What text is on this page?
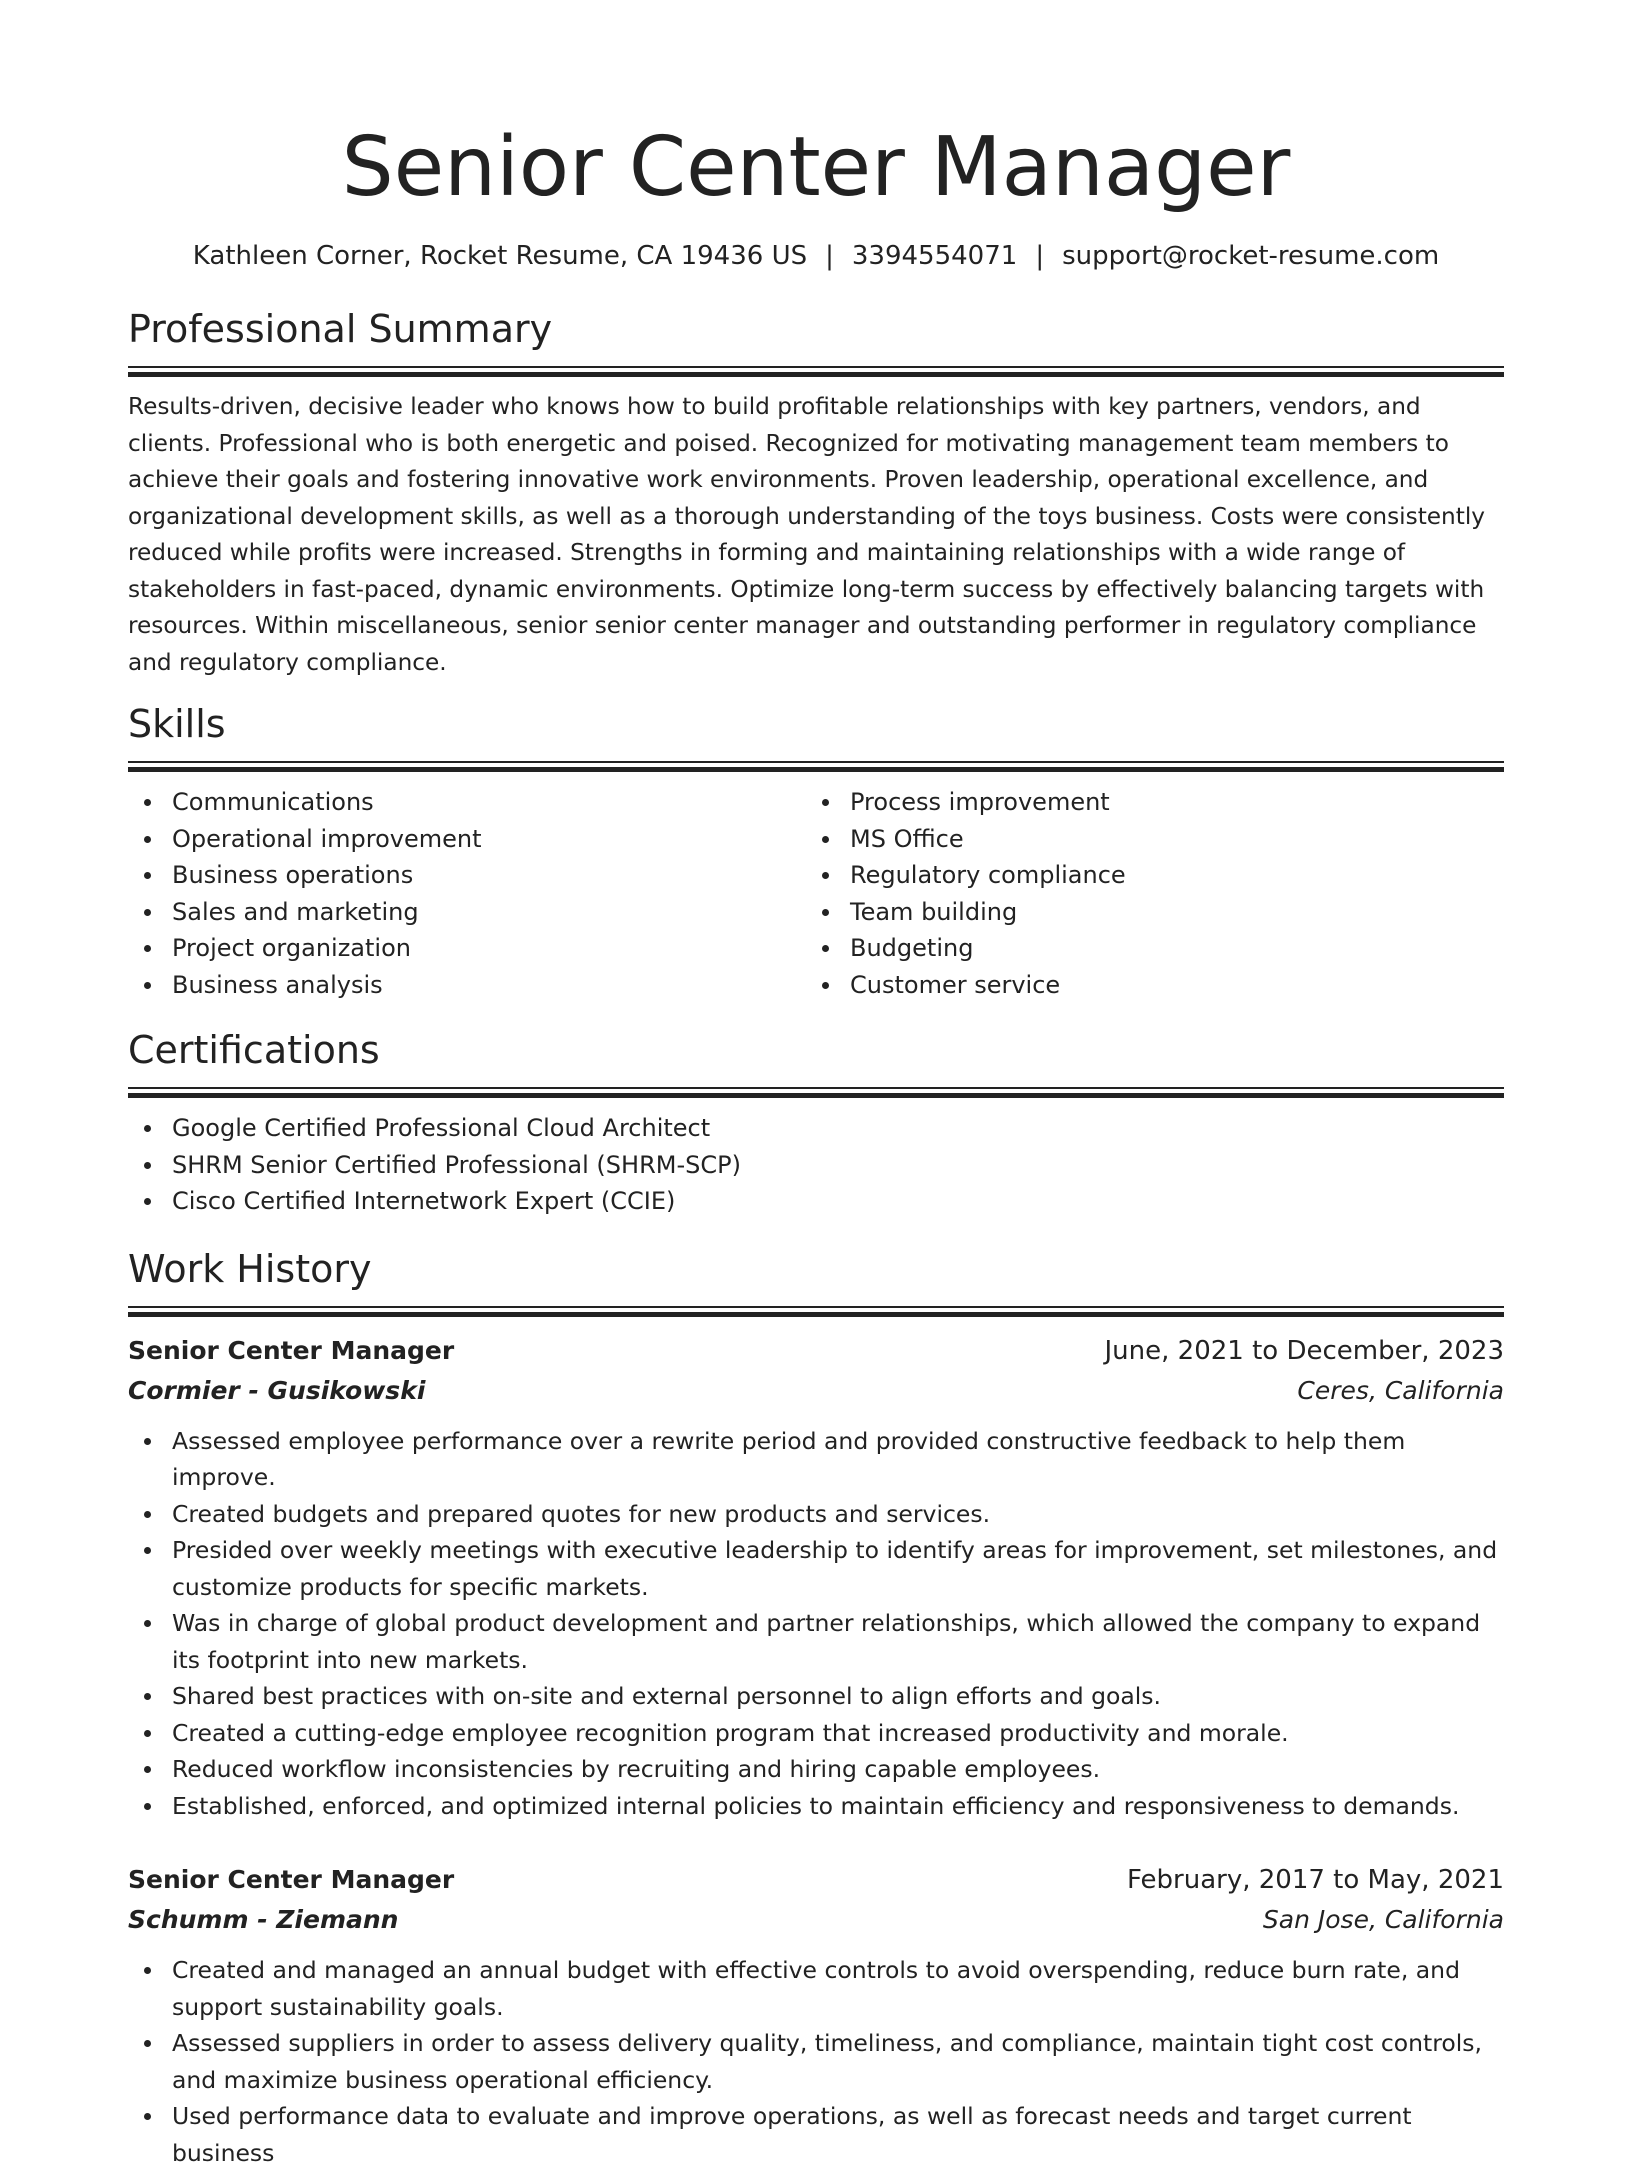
Senior Center Manager
Kathleen Corner, Rocket Resume, CA 19436 US | 3394554071 | support@rocket-resume.com
Professional Summary

Results-driven, decisive leader who knows how to build profitable relationships with key partners, vendors, and clients. Professional who is both energetic and poised. Recognized for motivating management team members to achieve their goals and fostering innovative work environments. Proven leadership, operational excellence, and organizational development skills, as well as a thorough understanding of the toys business. Costs were consistently reduced while profits were increased. Strengths in forming and maintaining relationships with a wide range of stakeholders in fast-paced, dynamic environments. Optimize long-term success by effectively balancing targets with resources. Within miscellaneous, senior senior center manager and outstanding performer in regulatory compliance and regulatory compliance.

Skills
Communications
Operational improvement
Business operations
Sales and marketing
Project organization
Business analysis
Process improvement
MS Office
Regulatory compliance
Team building
Budgeting
Customer service
Certifications
Google Certified Professional Cloud Architect
SHRM Senior Certified Professional (SHRM-SCP)
Cisco Certified Internetwork Expert (CCIE)
Work History
Senior Center Manager	June, 2021 to December, 2023
Cormier - Gusikowski	Ceres, California
Assessed employee performance over a rewrite period and provided constructive feedback to help them improve.
Created budgets and prepared quotes for new products and services.
Presided over weekly meetings with executive leadership to identify areas for improvement, set milestones, and customize products for specific markets.
Was in charge of global product development and partner relationships, which allowed the company to expand its footprint into new markets.
Shared best practices with on-site and external personnel to align efforts and goals.
Created a cutting-edge employee recognition program that increased productivity and morale.
Reduced workflow inconsistencies by recruiting and hiring capable employees.
Established, enforced, and optimized internal policies to maintain efficiency and responsiveness to demands.
Senior Center Manager	February, 2017 to May, 2021
Schumm - Ziemann	San Jose, California
Created and managed an annual budget with effective controls to avoid overspending, reduce burn rate, and support sustainability goals.
Assessed suppliers in order to assess delivery quality, timeliness, and compliance, maintain tight cost controls, and maximize business operational efficiency.
Used performance data to evaluate and improve operations, as well as forecast needs and target current business
